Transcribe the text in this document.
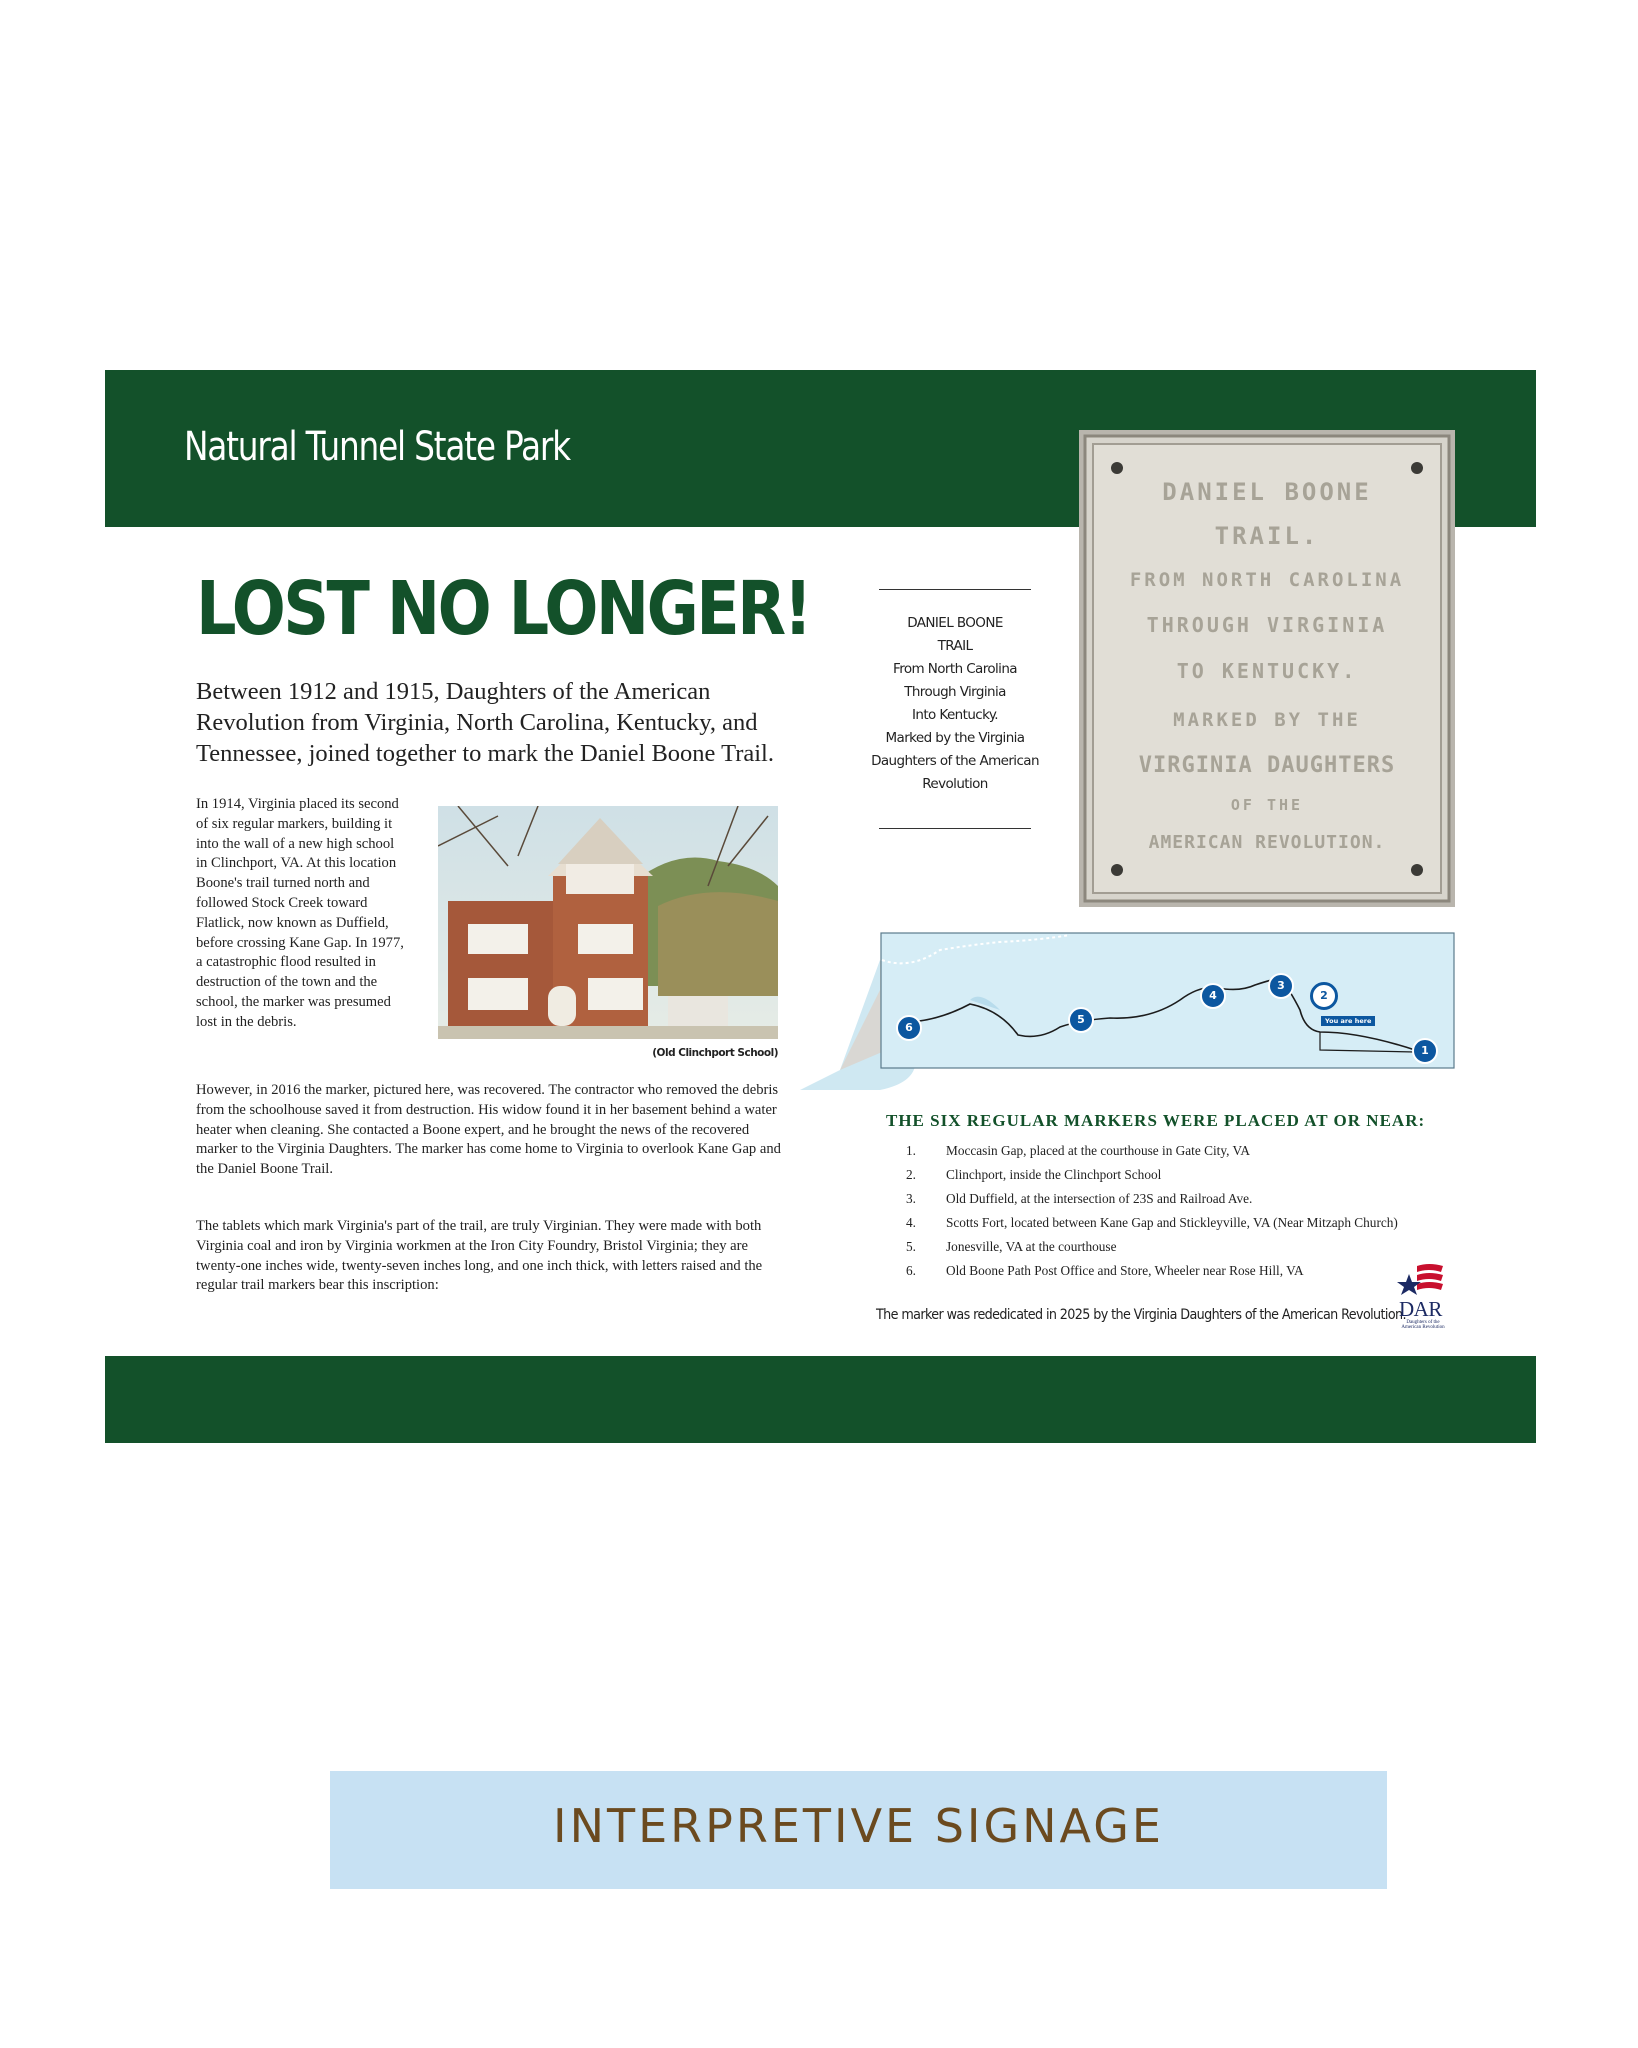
Natural Tunnel State Park
LOST NO LONGER!
Between 1912 and 1915, Daughters of the American Revolution from Virginia, North Carolina, Kentucky, and Tennessee, joined together to mark the Daniel Boone Trail.

In 1914, Virginia placed its second of six regular markers, building it into the wall of a new high school in Clinchport, VA. At this location Boone's trail turned north and followed Stock Creek toward Flatlick, now known as Duffield, before crossing Kane Gap. In 1977, a catastrophic flood resulted in destruction of the town and the school, the marker was presumed lost in the debris.

(Old Clinchport School)

However, in 2016 the marker, pictured here, was recovered. The contractor who removed the debris from the schoolhouse saved it from destruction. His widow found it in her basement behind a water heater when cleaning. She contacted a Boone expert, and he brought the news of the recovered marker to the Virginia Daughters. The marker has come home to Virginia to overlook Kane Gap and the Daniel Boone Trail.

The tablets which mark Virginia's part of the trail, are truly Virginian. They were made with both Virginia coal and iron by Virginia workmen at the Iron City Foundry, Bristol Virginia; they are twenty-one inches wide, twenty-seven inches long, and one inch thick, with letters raised and the regular trail markers bear this inscription:

DANIEL BOONE
TRAIL
From North Carolina
Through Virginia
Into Kentucky.
Marked by the Virginia
Daughters of the American
Revolution
DANIEL BOONE
TRAIL.
FROM NORTH CAROLINA
THROUGH VIRGINIA
TO KENTUCKY.
MARKED BY THE
VIRGINIA DAUGHTERS
OF THE
AMERICAN REVOLUTION.
6
5
4
3
2
You are here
1
THE SIX REGULAR MARKERS WERE PLACED AT OR NEAR:
1. Moccasin Gap, placed at the courthouse in Gate City, VA
2. Clinchport, inside the Clinchport School
3. Old Duffield, at the intersection of 23S and Railroad Ave.
4. Scotts Fort, located between Kane Gap and Stickleyville, VA (Near Mitzaph Church)
5. Jonesville, VA at the courthouse
6. Old Boone Path Post Office and Store, Wheeler near Rose Hill, VA
The marker was rededicated in 2025 by the Virginia Daughters of the American Revolution.
DAR
Daughters of the American Revolution
INTERPRETIVE SIGNAGE
